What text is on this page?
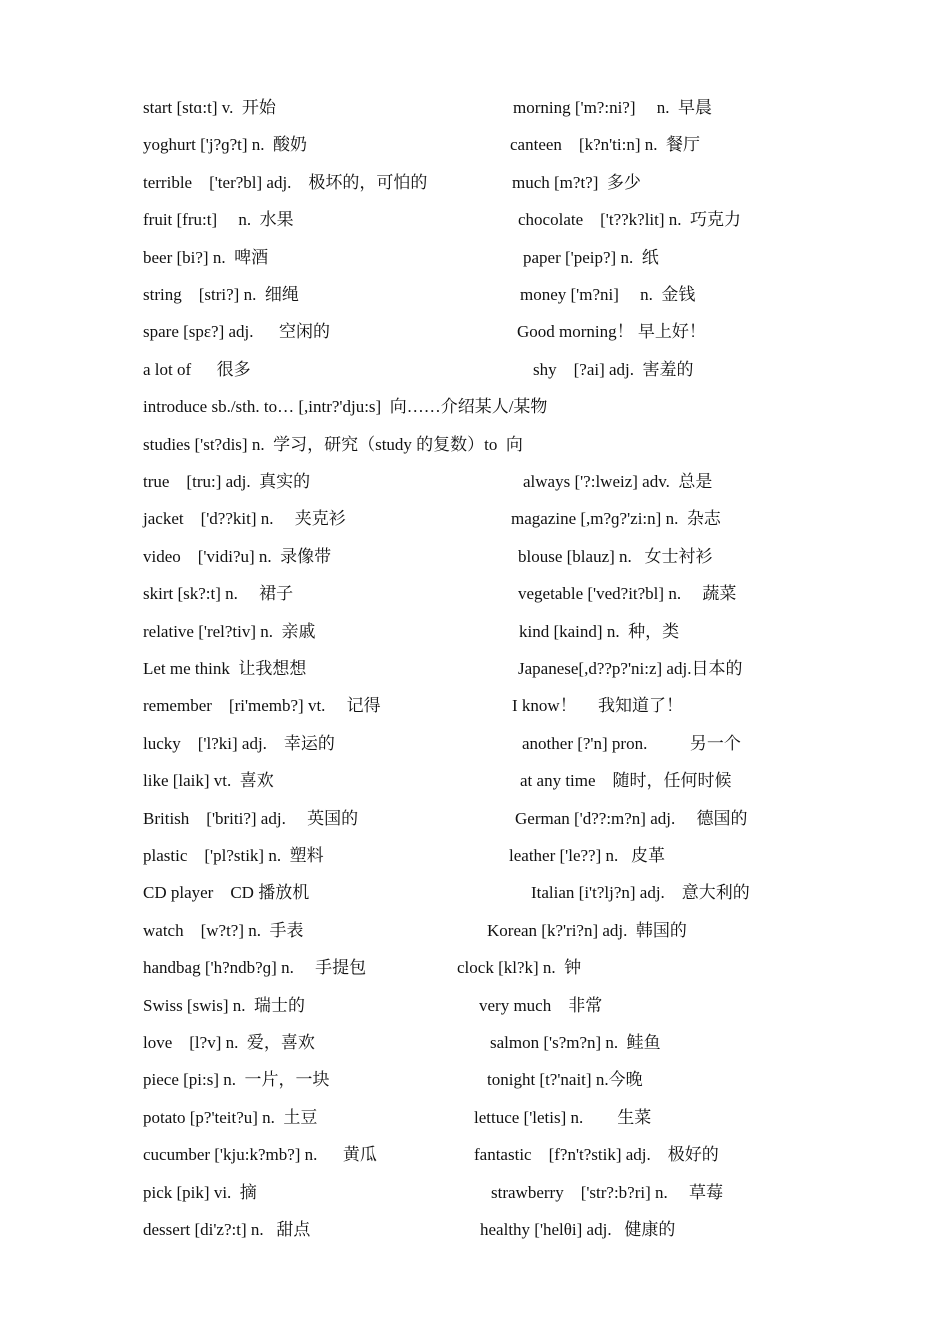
start [stɑ:t] v.  开始	morning ['m?:ni?]     n.  早晨
yoghurt ['j?ɡ?t] n.  酸奶	canteen    [k?n'ti:n] n.  餐厅
terrible    ['ter?bl] adj.    极坏的，可怕的	much [m?t?]  多少
fruit [fru:t]     n.  水果	chocolate    ['t??k?lit] n.  巧克力
beer [bi?] n.  啤酒	paper ['peip?] n.  纸
string    [stri?] n.  细绳	money ['m?ni]     n.  金钱
spare [spɛ?] adj.      空闲的	Good morning！ 早上好！
a lot of      很多	shy    [?ai] adj.  害羞的
introduce sb./sth. to… [,intr?'dju:s]  向……介绍某人/某物
studies ['st?dis] n.  学习，研究（study 的复数）to  向
true    [tru:] adj.  真实的	always ['?:lweiz] adv.  总是
jacket    ['d??kit] n.     夹克衫	magazine [,m?ɡ?'zi:n] n.  杂志
video    ['vidi?u] n.  录像带	blouse [blauz] n.   女士衬衫
skirt [sk?:t] n.     裙子	vegetable ['ved?it?bl] n.     蔬菜
relative ['rel?tiv] n.  亲戚	kind [kaind] n.  种，类
Let me think  让我想想	Japanese[,d??p?'ni:z] adj.日本的
remember    [ri'memb?] vt.     记得	I know！     我知道了！
lucky    ['l?ki] adj.    幸运的	another [?'n] pron.          另一个
like [laik] vt.  喜欢	at any time    随时，任何时候
British    ['briti?] adj.     英国的	German ['d??:m?n] adj.     德国的
plastic    ['pl?stik] n.  塑料	leather ['le??] n.   皮革
CD player    CD 播放机	Italian [i't?lj?n] adj.    意大利的
watch    [w?t?] n.  手表	Korean [k?'ri?n] adj.  韩国的
handbag ['h?ndb?ɡ] n.     手提包	clock [kl?k] n.  钟
Swiss [swis] n.  瑞士的	very much    非常
love    [l?v] n.  爱，喜欢	salmon ['s?m?n] n.  鲑鱼
piece [pi:s] n.  一片，一块	tonight [t?'nait] n.今晚
potato [p?'teit?u] n.  土豆	lettuce ['letis] n.        生菜
cucumber ['kju:k?mb?] n.      黄瓜	fantastic    [f?n't?stik] adj.    极好的
pick [pik] vi.  摘	strawberry    ['str?:b?ri] n.     草莓
dessert [di'z?:t] n.   甜点	healthy ['helθi] adj.   健康的
